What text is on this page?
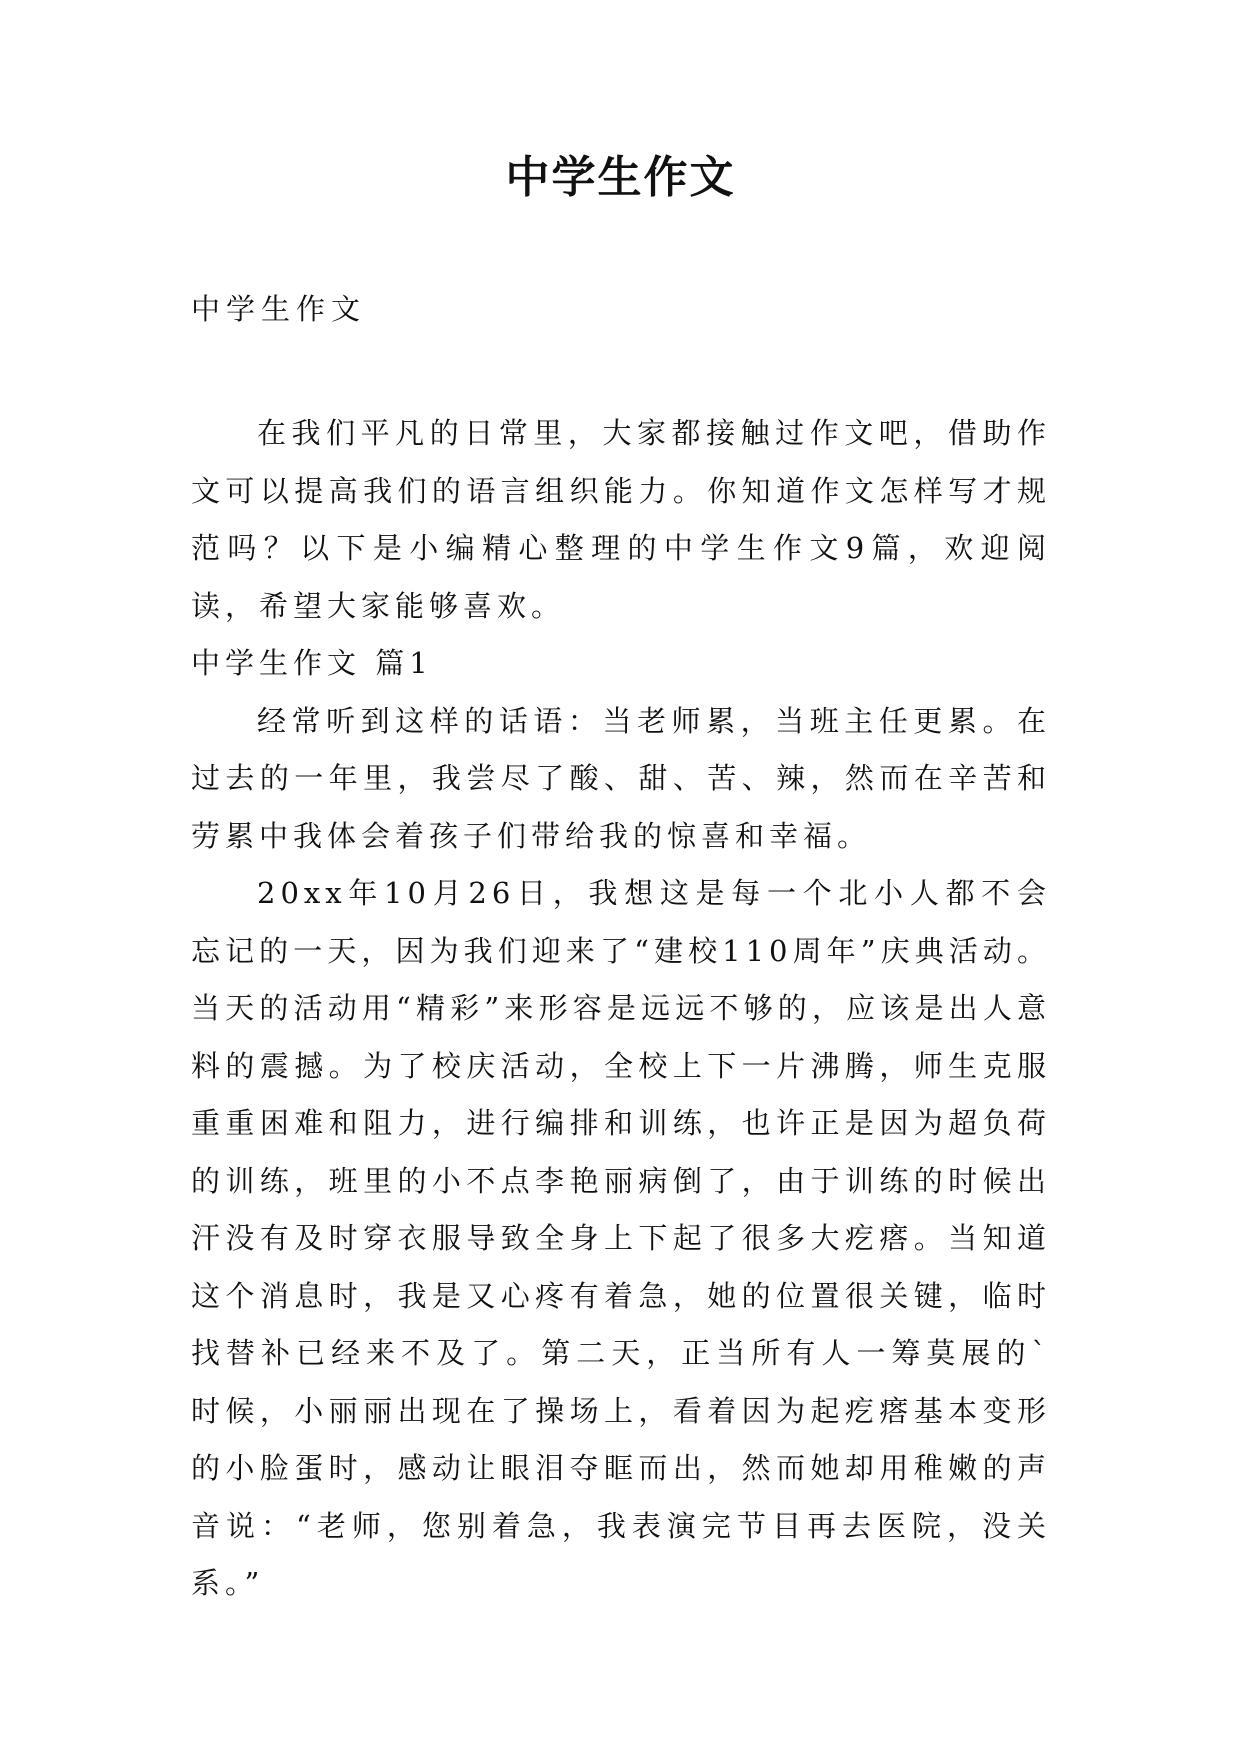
中学生作文
中学生作文

在我们平凡的日常里，大家都接触过作文吧，借助作文可以提高我们的语言组织能力。你知道作文怎样写才规范吗？以下是小编精心整理的中学生作文9篇，欢迎阅读，希望大家能够喜欢。

中学生作文 篇1

经常听到这样的话语：当老师累，当班主任更累。在过去的一年里，我尝尽了酸、甜、苦、辣，然而在辛苦和劳累中我体会着孩子们带给我的惊喜和幸福。

20xx年10月26日，我想这是每一个北小人都不会忘记的一天，因为我们迎来了“建校110周年”庆典活动。当天的活动用“精彩”来形容是远远不够的，应该是出人意料的震撼。为了校庆活动，全校上下一片沸腾，师生克服重重困难和阻力，进行编排和训练，也许正是因为超负荷的训练，班里的小不点李艳丽病倒了，由于训练的时候出汗没有及时穿衣服导致全身上下起了很多大疙瘩。当知道这个消息时，我是又心疼有着急，她的位置很关键，临时找替补已经来不及了。第二天，正当所有人一筹莫展的`时候，小丽丽出现在了操场上，看着因为起疙瘩基本变形的小脸蛋时，感动让眼泪夺眶而出，然而她却用稚嫩的声音说：“老师，您别着急，我表演完节目再去医院，没关系。”
